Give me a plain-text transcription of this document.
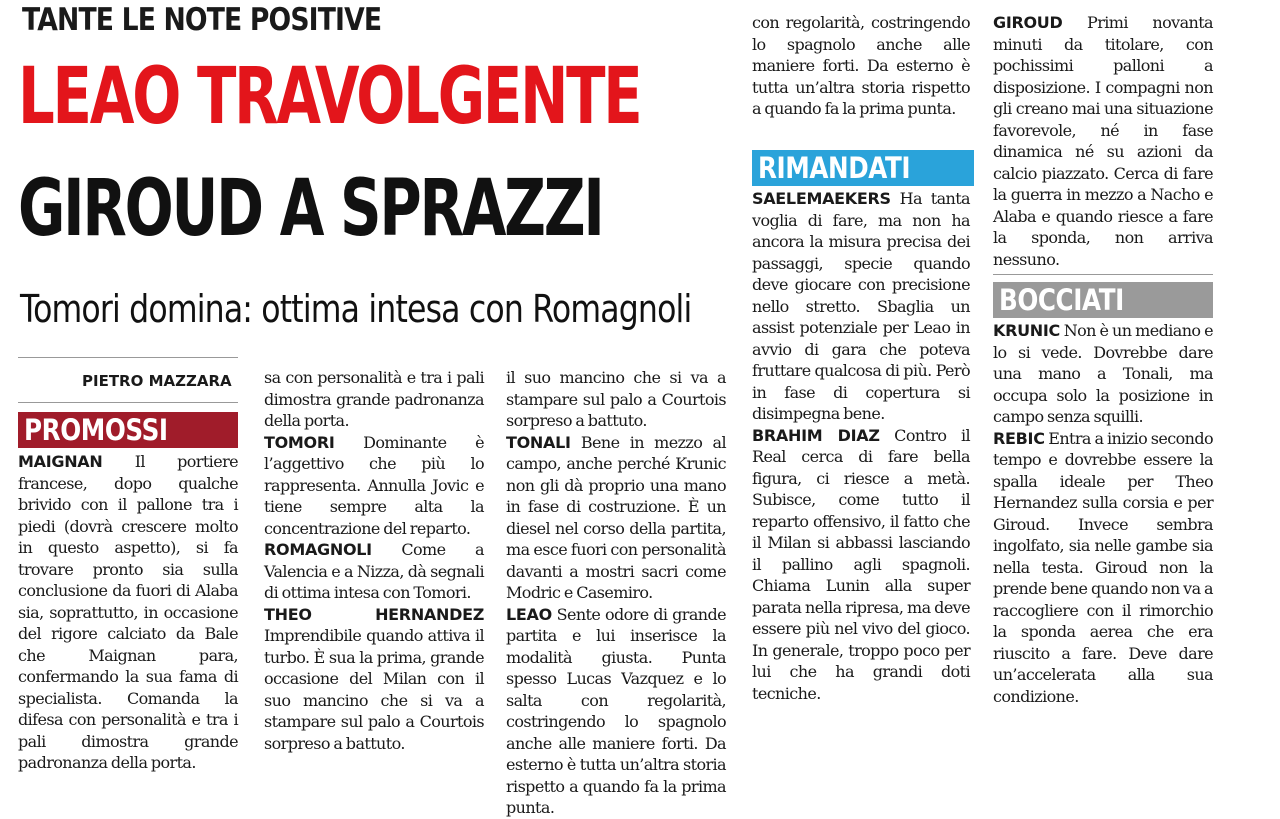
TANTE LE NOTE POSITIVE
LEAO TRAVOLGENTE
GIROUD A SPRAZZI
Tomori domina: ottima intesa con Romagnoli
PIETRO MAZZARA
PROMOSSI

MAIGNAN Il portiere francese, dopo qualche brivido con il pallone tra i piedi (dovrà crescere molto in questo aspetto), si fa trovare pronto sia sulla conclusione da fuori di Alaba sia, soprattutto, in occasione del rigore calciato da Bale che Maignan para, confermando la sua fama di specialista. Comanda la difesa con personalità e tra i pali dimostra grande padronanza della porta.

sa con personalità e tra i pali dimostra grande padronanza della porta.

TOMORI Dominante è l’aggettivo che più lo rappresenta. Annulla Jovic e tiene sempre alta la concentrazione del reparto.

ROMAGNOLI Come a Valencia e a Nizza, dà segnali di ottima intesa con Tomori.

THEO HERNANDEZ Imprendibile quando attiva il turbo. È sua la prima, grande occasione del Milan con il suo mancino che si va a stampare sul palo a Courtois sorpreso a battuto.

il suo mancino che si va a stampare sul palo a Courtois sorpreso a battuto.

TONALI Bene in mezzo al campo, anche perché Krunic non gli dà proprio una mano in fase di costruzione. È un diesel nel corso della partita, ma esce fuori con personalità davanti a mostri sacri come Modric e Casemiro.

LEAO Sente odore di grande partita e lui inserisce la modalità giusta. Punta spesso Lucas Vazquez e lo salta con regolarità, costringendo lo spagnolo anche alle maniere forti. Da esterno è tutta un’altra storia rispetto a quando fa la prima punta.

con regolarità, costringendo lo spagnolo anche alle maniere forti. Da esterno è tutta un’altra storia rispetto a quando fa la prima punta.

RIMANDATI

SAELEMAEKERS Ha tanta voglia di fare, ma non ha ancora la misura precisa dei passaggi, specie quando deve giocare con precisione nello stretto. Sbaglia un assist potenziale per Leao in avvio di gara che poteva fruttare qualcosa di più. Però in fase di copertura si disimpegna bene.

BRAHIM DIAZ Contro il Real cerca di fare bella figura, ci riesce a metà. Subisce, come tutto il reparto offensivo, il fatto che il Milan si abbassi lasciando il pallino agli spagnoli. Chiama Lunin alla super parata nella ripresa, ma deve essere più nel vivo del gioco. In generale, troppo poco per lui che ha grandi doti tecniche.

GIROUD Primi novanta minuti da titolare, con pochissimi palloni a disposizione. I compagni non gli creano mai una situazione favorevole, né in fase dinamica né su azioni da calcio piazzato. Cerca di fare la guerra in mezzo a Nacho e Alaba e quando riesce a fare la sponda, non arriva nessuno.

BOCCIATI

KRUNIC Non è un mediano e lo si vede. Dovrebbe dare una mano a Tonali, ma occupa solo la posizione in campo senza squilli.

REBIC Entra a inizio secondo tempo e dovrebbe essere la spalla ideale per Theo Hernandez sulla corsia e per Giroud. Invece sembra ingolfato, sia nelle gambe sia nella testa. Giroud non la prende bene quando non va a raccogliere con il rimorchio la sponda aerea che era riuscito a fare. Deve dare un’accelerata alla sua condizione.
